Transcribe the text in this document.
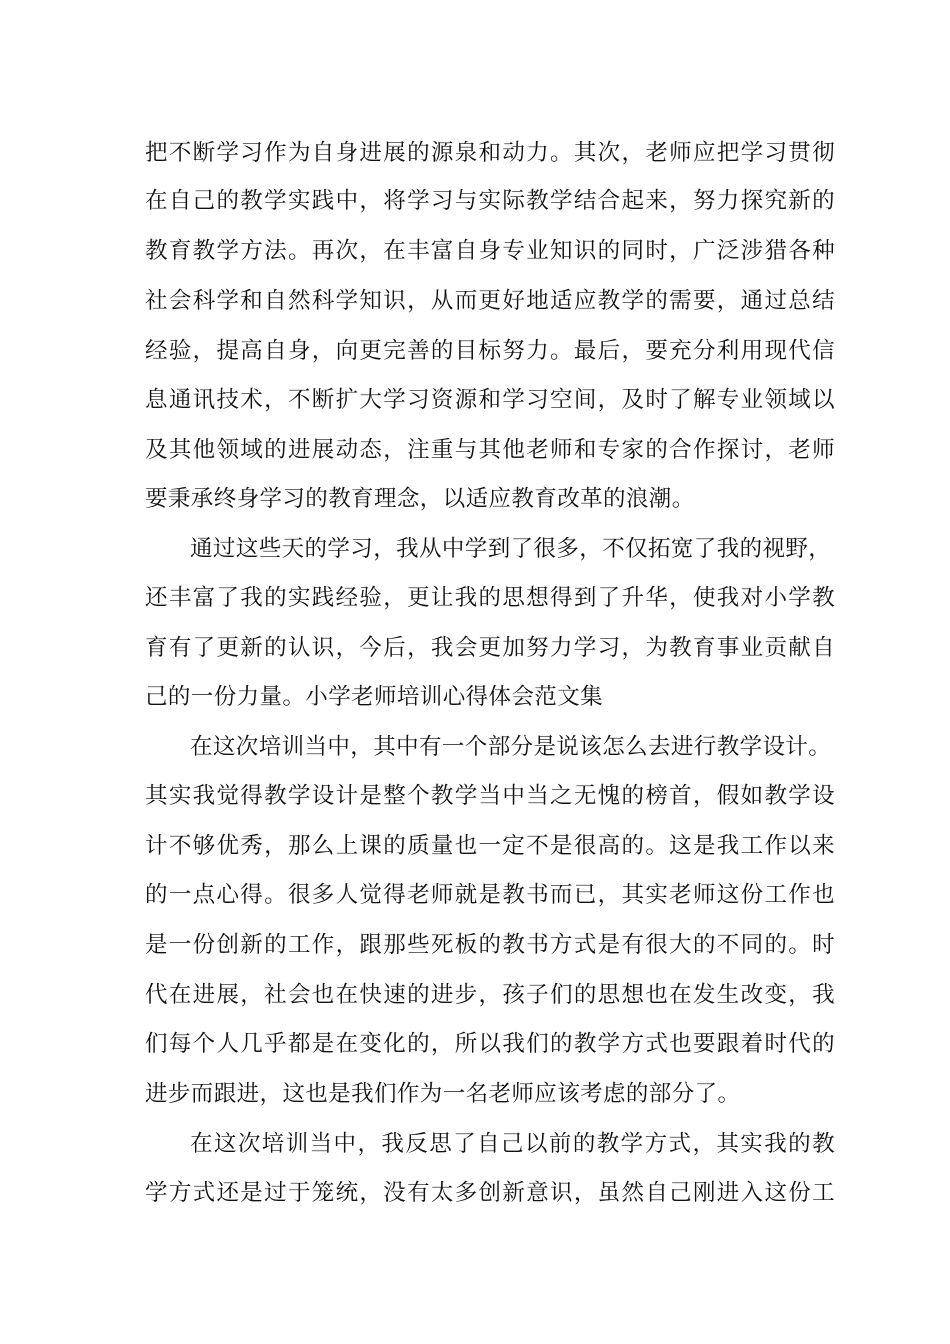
把不断学习作为自身进展的源泉和动力。其次，老师应把学习贯彻
在自己的教学实践中，将学习与实际教学结合起来，努力探究新的
教育教学方法。再次，在丰富自身专业知识的同时，广泛涉猎各种
社会科学和自然科学知识，从而更好地适应教学的需要，通过总结
经验，提高自身，向更完善的目标努力。最后，要充分利用现代信
息通讯技术，不断扩大学习资源和学习空间，及时了解专业领域以
及其他领域的进展动态，注重与其他老师和专家的合作探讨，老师
要秉承终身学习的教育理念，以适应教育改革的浪潮。
通过这些天的学习，我从中学到了很多，不仅拓宽了我的视野，
还丰富了我的实践经验，更让我的思想得到了升华，使我对小学教
育有了更新的认识，今后，我会更加努力学习，为教育事业贡献自
己的一份力量。小学老师培训心得体会范文集
在这次培训当中，其中有一个部分是说该怎么去进行教学设计。
其实我觉得教学设计是整个教学当中当之无愧的榜首，假如教学设
计不够优秀，那么上课的质量也一定不是很高的。这是我工作以来
的一点心得。很多人觉得老师就是教书而已，其实老师这份工作也
是一份创新的工作，跟那些死板的教书方式是有很大的不同的。时
代在进展，社会也在快速的进步，孩子们的思想也在发生改变，我
们每个人几乎都是在变化的，所以我们的教学方式也要跟着时代的
进步而跟进，这也是我们作为一名老师应该考虑的部分了。
在这次培训当中，我反思了自己以前的教学方式，其实我的教
学方式还是过于笼统，没有太多创新意识，虽然自己刚进入这份工
